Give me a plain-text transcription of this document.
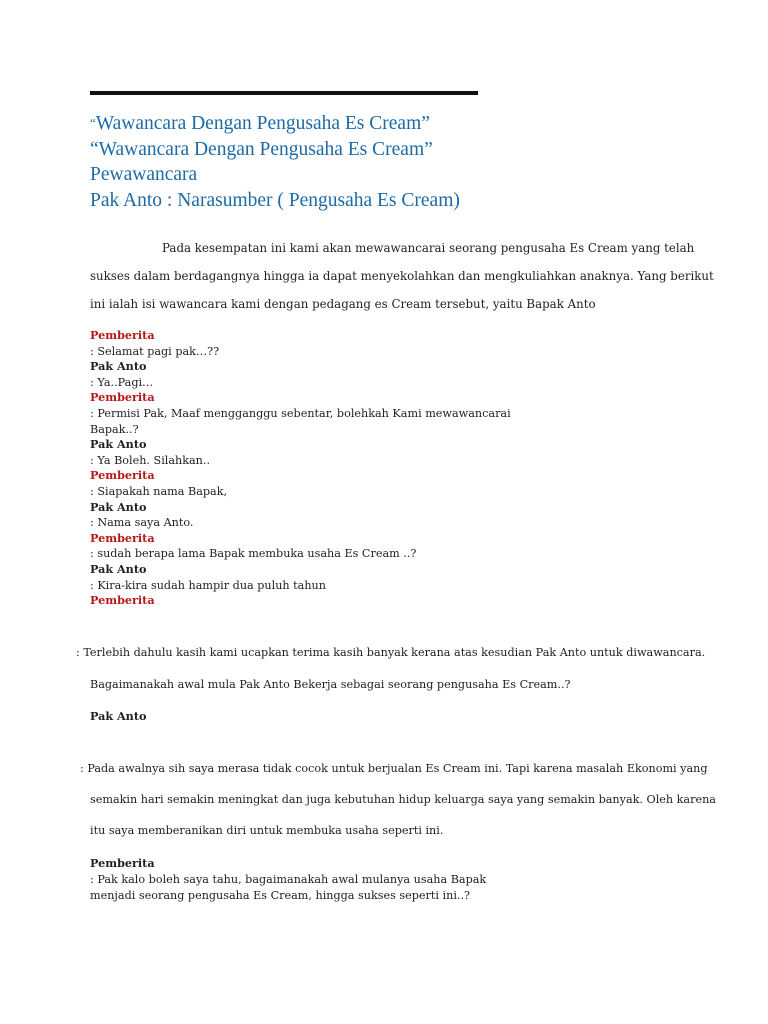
“Wawancara Dengan Pengusaha Es Cream”
“Wawancara Dengan Pengusaha Es Cream”
Pewawancara
Pak Anto : Narasumber ( Pengusaha Es Cream)
Pada kesempatan ini kami akan mewawancarai seorang pengusaha Es Cream yang telah
sukses dalam berdagangnya hingga ia dapat menyekolahkan dan mengkuliahkan anaknya. Yang berikut
ini ialah isi wawancara kami dengan pedagang es Cream tersebut, yaitu Bapak Anto
Pemberita
: Selamat pagi pak…??
Pak Anto
: Ya..Pagi…
Pemberita
: Permisi Pak, Maaf mengganggu sebentar, bolehkah Kami mewawancarai
Bapak..?
Pak Anto
: Ya Boleh. Silahkan..
Pemberita
: Siapakah nama Bapak,
Pak Anto
: Nama saya Anto.
Pemberita
: sudah berapa lama Bapak membuka usaha Es Cream ..?
Pak Anto
: Kira-kira sudah hampir dua puluh tahun
Pemberita
: Terlebih dahulu kasih kami ucapkan terima kasih banyak kerana atas kesudian Pak Anto untuk diwawancara.
Bagaimanakah awal mula Pak Anto Bekerja sebagai seorang pengusaha Es Cream..?
Pak Anto
: Pada awalnya sih saya merasa tidak cocok untuk berjualan Es Cream ini. Tapi karena masalah Ekonomi yang
semakin hari semakin meningkat dan juga kebutuhan hidup keluarga saya yang semakin banyak. Oleh karena
itu saya memberanikan diri untuk membuka usaha seperti ini.
Pemberita
: Pak kalo boleh saya tahu, bagaimanakah awal mulanya usaha Bapak
menjadi seorang pengusaha Es Cream, hingga sukses seperti ini..?
